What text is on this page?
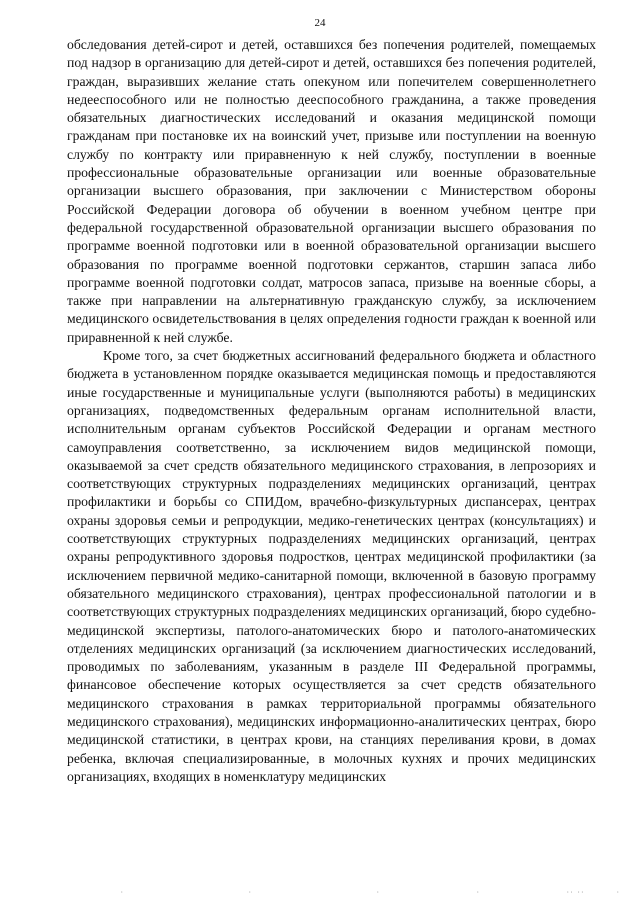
24

обследования детей-сирот и детей, оставшихся без попечения родителей, помещаемых под надзор в организацию для детей-сирот и детей, оставшихся без попечения родителей, граждан, выразивших желание стать опекуном или попечителем совершеннолетнего недееспособного или не полностью дееспособного гражданина, а также проведения обязательных диагностических исследований и оказания медицинской помощи гражданам при постановке их на воинский учет, призыве или поступлении на военную службу по контракту или приравненную к ней службу, поступлении в военные профессиональные образовательные организации или военные образовательные организации высшего образования, при заключении с Министерством обороны Российской Федерации договора об обучении в военном учебном центре при федеральной государственной образовательной организации высшего образования по программе военной подготовки или в военной образовательной организации высшего образования по программе военной подготовки сержантов, старшин запаса либо программе военной подготовки солдат, матросов запаса, призыве на военные сборы, а также при направлении на альтернативную гражданскую службу, за исключением медицинского освидетельствования в целях определения годности граждан к военной или приравненной к ней службе.

Кроме того, за счет бюджетных ассигнований федерального бюджета и областного бюджета в установленном порядке оказывается медицинская помощь и предоставляются иные государственные и муниципальные услуги (выполняются работы) в медицинских организациях, подведомственных федеральным органам исполнительной власти, исполнительным органам субъектов Российской Федерации и органам местного самоуправления соответственно, за исключением видов медицинской помощи, оказываемой за счет средств обязательного медицинского страхования, в лепрозориях и соответствующих структурных подразделениях медицинских организаций, центрах профилактики и борьбы со СПИДом, врачебно-физкультурных диспансерах, центрах охраны здоровья семьи и репродукции, медико-генетических центрах (консультациях) и соответствующих структурных подразделениях медицинских организаций, центрах охраны репродуктивного здоровья подростков, центрах медицинской профилактики (за исключением первичной медико-санитарной помощи, включенной в базовую программу обязательного медицинского страхования), центрах профессиональной патологии и в соответствующих структурных подразделениях медицинских организаций, бюро судебно-медицинской экспертизы, патолого-анатомических бюро и патолого-анатомических отделениях медицинских организаций (за исключением диагностических исследований, проводимых по заболеваниям, указанным в разделе III Федеральной программы, финансовое обеспечение которых осуществляется за счет средств обязательного медицинского страхования в рамках территориальной программы обязательного медицинского страхования), медицинских информационно-аналитических центрах, бюро медицинской статистики, в центрах крови, на станциях переливания крови, в домах ребенка, включая специализированные, в молочных кухнях и прочих медицинских организациях, входящих в номенклатуру медицинских

·	·	·	·	·· ··	·
